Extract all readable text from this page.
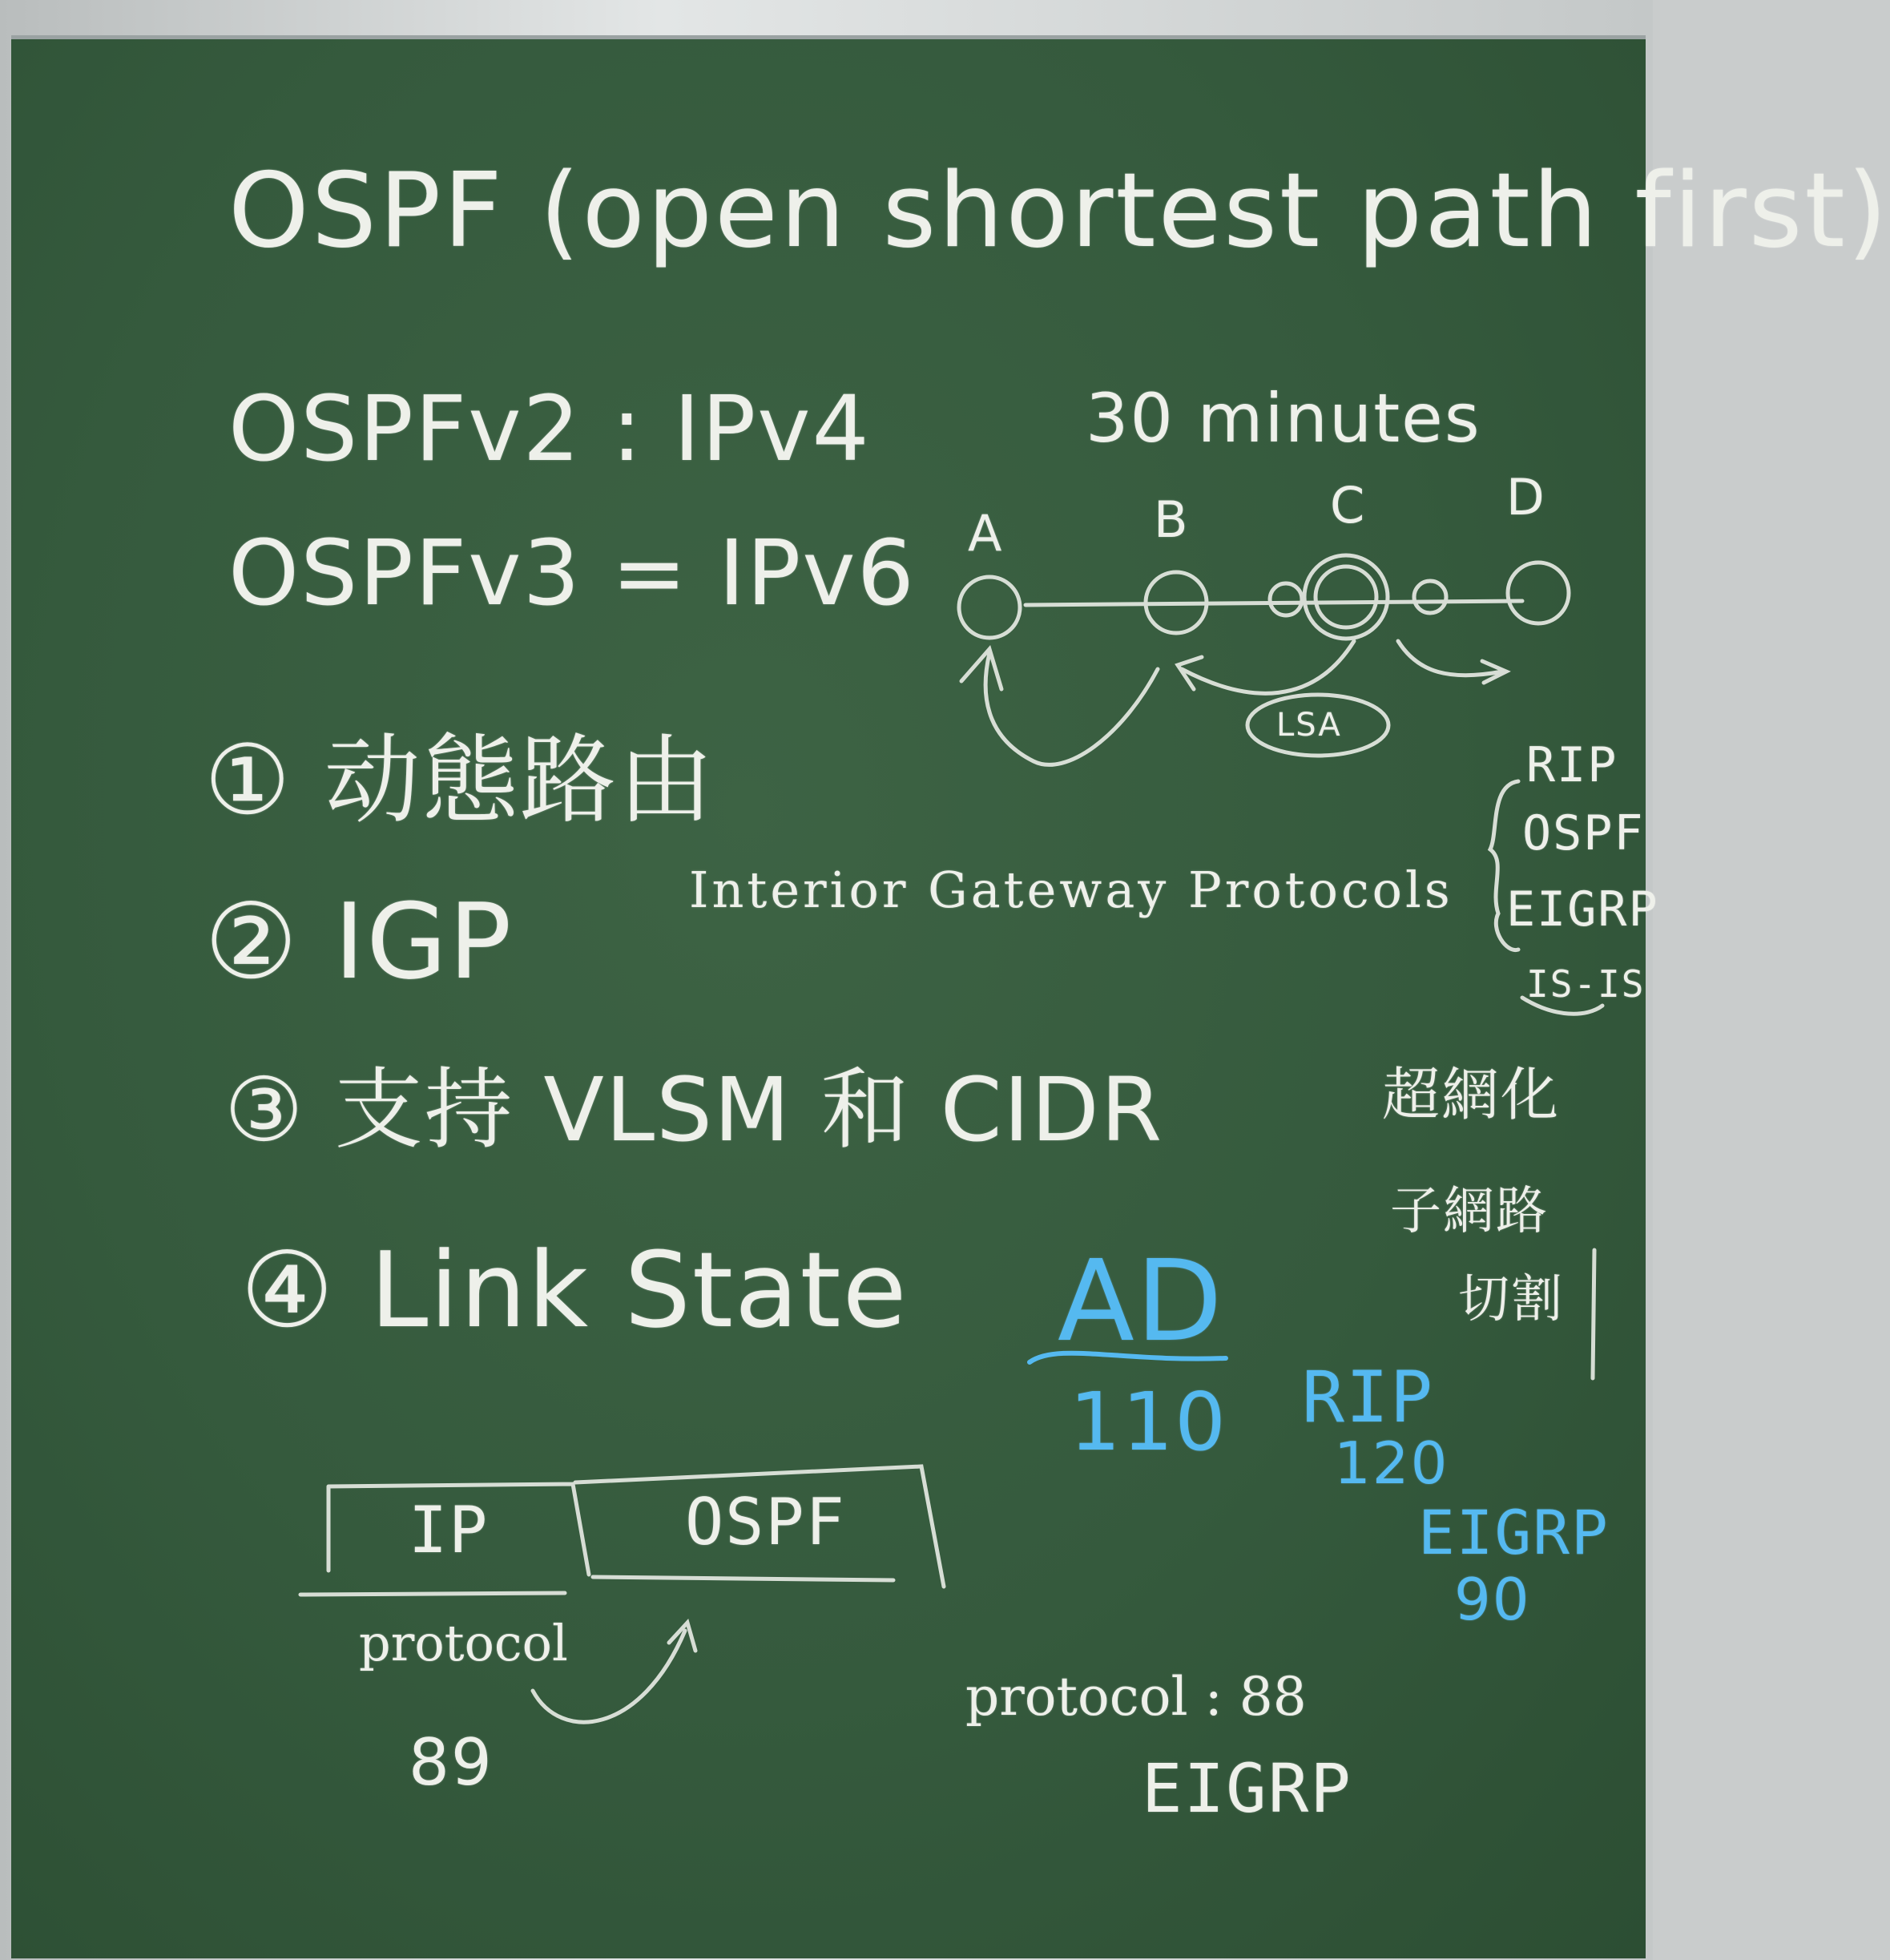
OSPF (open shortest path first)
OSPFv2 : IPv4
OSPFv3 = IPv6
30 minutes
A	B	C	D
LSA
① 动態路由
② IGP	Interior Gateway Protocols
③ 支持 VLSM 和 CIDR	超網化
子網路
切割
④ Link State
RIP
OSPF
EIGRP
IS-IS
AD
110 RIP
120
EIGRP
90
IP	OSPF
protocol
89
protocol : 88
EIGRP
